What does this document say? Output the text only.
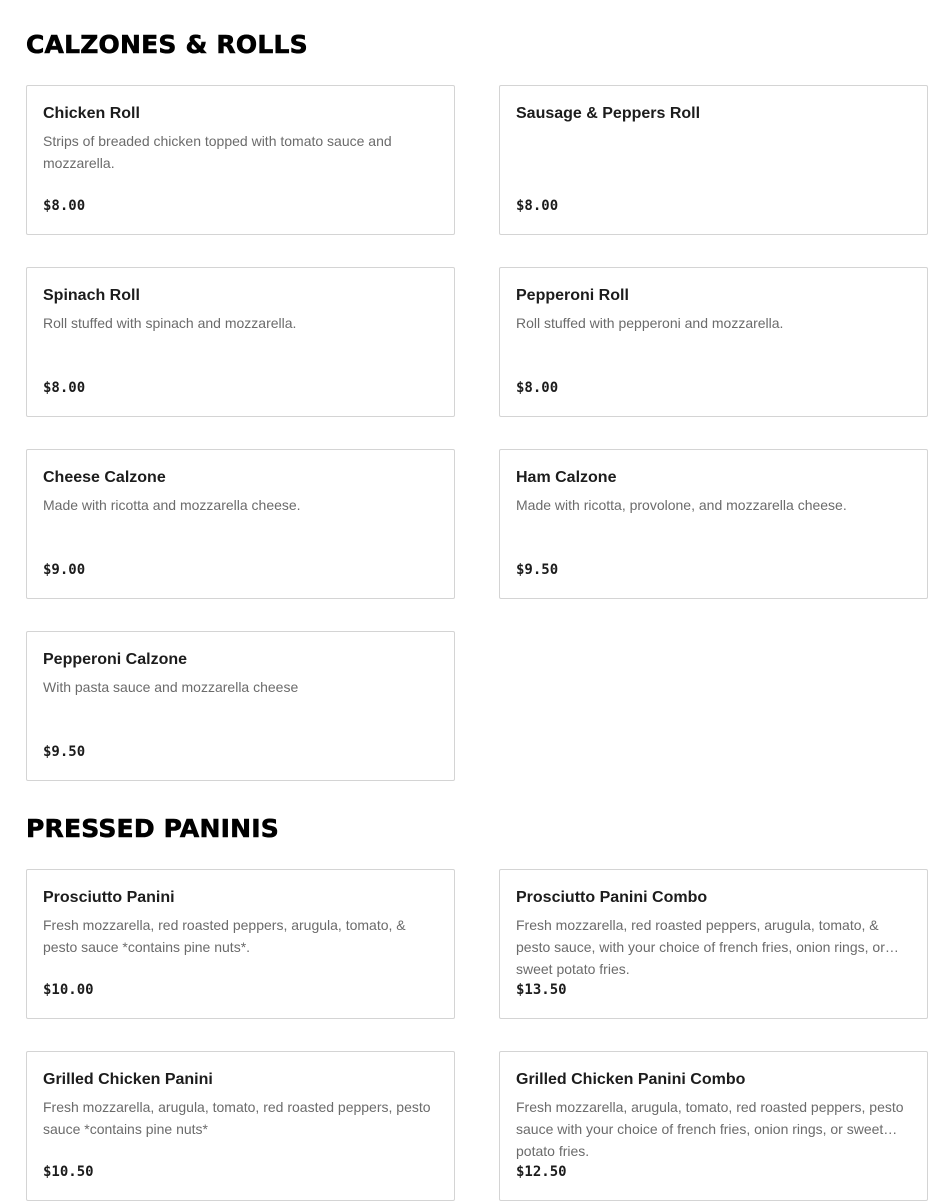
CALZONES & ROLLS
Chicken Roll
Strips of breaded chicken topped with tomato sauce and mozzarella.
$8.00
Sausage & Peppers Roll
$8.00
Spinach Roll
Roll stuffed with spinach and mozzarella.
$8.00
Pepperoni Roll
Roll stuffed with pepperoni and mozzarella.
$8.00
Cheese Calzone
Made with ricotta and mozzarella cheese.
$9.00
Ham Calzone
Made with ricotta, provolone, and mozzarella cheese.
$9.50
Pepperoni Calzone
With pasta sauce and mozzarella cheese
$9.50
PRESSED PANINIS
Prosciutto Panini
Fresh mozzarella, red roasted peppers, arugula, tomato, & pesto sauce *contains pine nuts*.
$10.00
Prosciutto Panini Combo
Fresh mozzarella, red roasted peppers, arugula, tomato, & pesto sauce, with your choice of french fries, onion rings, or sweet potato fries.
$13.50
Grilled Chicken Panini
Fresh mozzarella, arugula, tomato, red roasted peppers, pesto sauce *contains pine nuts*
$10.50
Grilled Chicken Panini Combo
Fresh mozzarella, arugula, tomato, red roasted peppers, pesto sauce with your choice of french fries, onion rings, or sweet potato fries.
$12.50
